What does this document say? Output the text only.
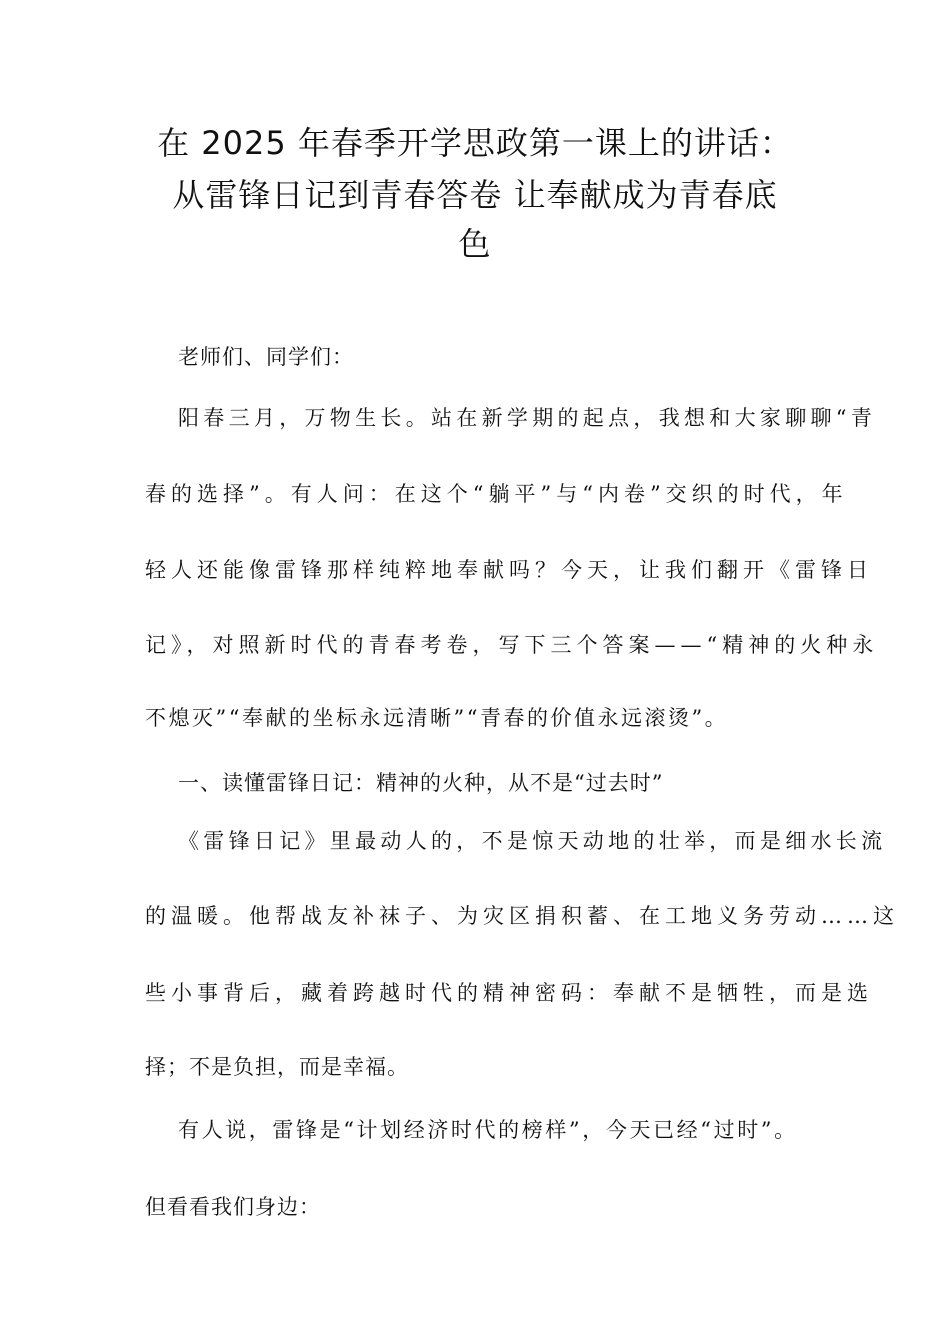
在 2025 年春季开学思政第一课上的讲话：
从雷锋日记到青春答卷 让奉献成为青春底
色
老师们、同学们：
阳春三月，万物生长。站在新学期的起点，我想和大家聊聊“青
春的选择”。有人问：在这个“躺平”与“内卷”交织的时代，年
轻人还能像雷锋那样纯粹地奉献吗？今天，让我们翻开《雷锋日
记》，对照新时代的青春考卷，写下三个答案——“精神的火种永
不熄灭”“奉献的坐标永远清晰”“青春的价值永远滚烫”。
一、读懂雷锋日记：精神的火种，从不是“过去时”
《雷锋日记》里最动人的，不是惊天动地的壮举，而是细水长流
的温暖。他帮战友补袜子、为灾区捐积蓄、在工地义务劳动……这
些小事背后，藏着跨越时代的精神密码：奉献不是牺牲，而是选
择；不是负担，而是幸福。
有人说，雷锋是“计划经济时代的榜样”，今天已经“过时”。
但看看我们身边：
